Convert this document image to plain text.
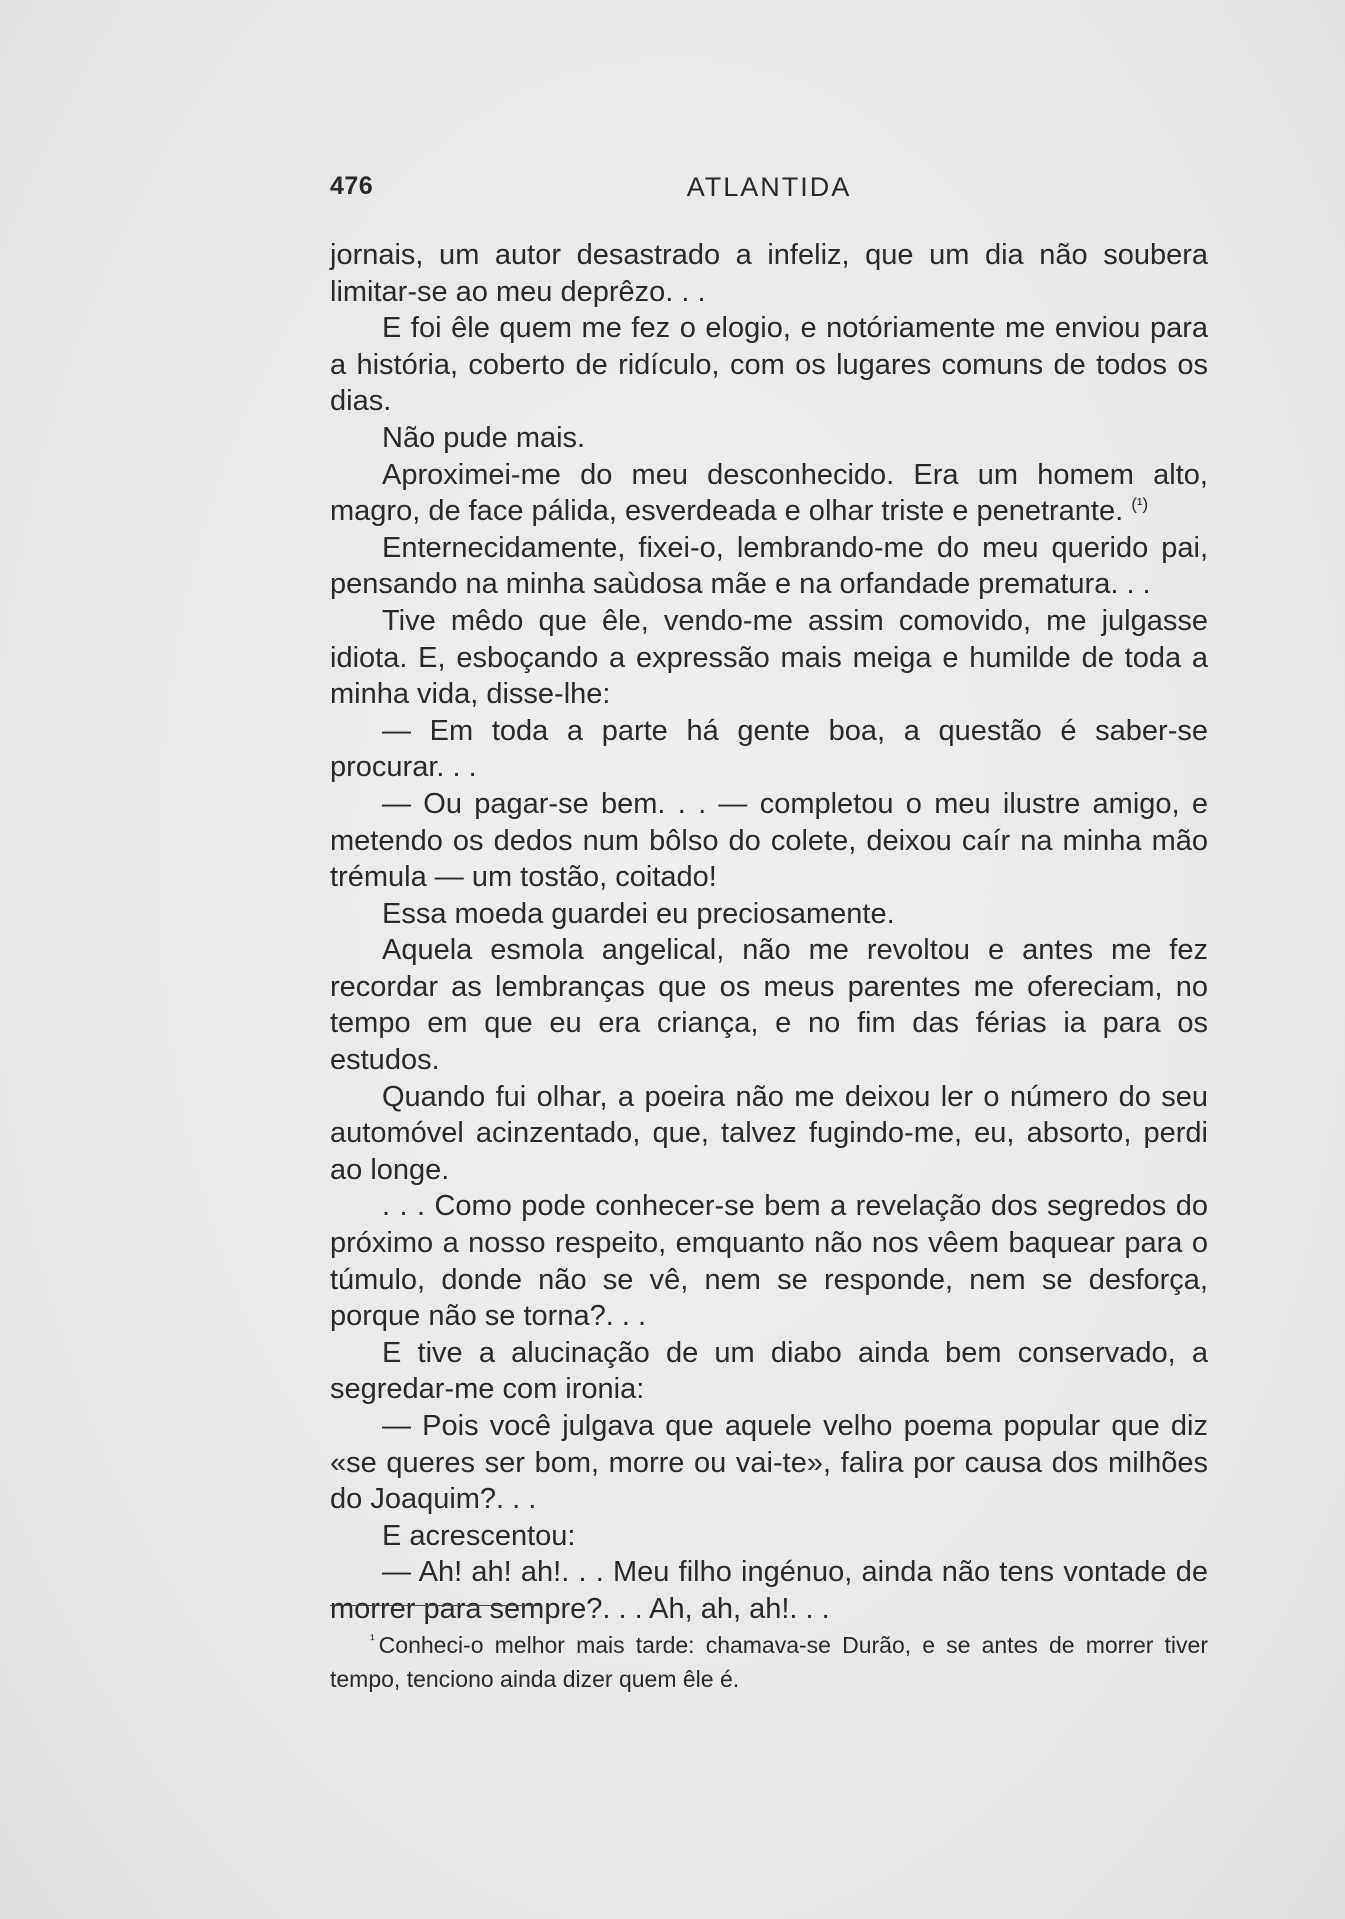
476	ATLANTIDA

jornais, um autor desastrado a infeliz, que um dia não soubera limitar-se ao meu deprêzo. . .

E foi êle quem me fez o elogio, e notóriamente me enviou para a história, coberto de ridículo, com os lugares comuns de todos os dias.

Não pude mais.

Aproximei-me do meu desconhecido. Era um homem alto, magro, de face pálida, esverdeada e olhar triste e penetrante. $^{(^1)}$

Enternecidamente, fixei-o, lembrando-me do meu querido pai, pensando na minha saùdosa mãe e na orfandade prematura. . .

Tive mêdo que êle, vendo-me assim comovido, me julgasse idiota. E, esboçando a expressão mais meiga e humilde de toda a minha vida, disse-lhe:

— Em toda a parte há gente boa, a questão é saber-se procurar. . .

— Ou pagar-se bem. . . — completou o meu ilustre amigo, e metendo os dedos num bôlso do colete, deixou caír na minha mão trémula — um tostão, coitado!

Essa moeda guardei eu preciosamente.

Aquela esmola angelical, não me revoltou e antes me fez recordar as lembranças que os meus parentes me ofereciam, no tempo em que eu era criança, e no fim das férias ia para os estudos.

Quando fui olhar, a poeira não me deixou ler o número do seu automóvel acinzentado, que, talvez fugindo-me, eu, absorto, perdi ao longe.

. . . Como pode conhecer-se bem a revelação dos segredos do próximo a nosso respeito, emquanto não nos vêem baquear para o túmulo, donde não se vê, nem se responde, nem se desforça, porque não se torna?. . .

E tive a alucinação de um diabo ainda bem conservado, a segredar-me com ironia:

— Pois você julgava que aquele velho poema popular que diz «se queres ser bom, morre ou vai-te», falira por causa dos milhões do Joaquim?. . .

E acrescentou:

— Ah! ah! ah!. . . Meu filho ingénuo, ainda não tens vontade de morrer para sempre?. . . Ah, ah, ah!. . .

$^{^1}$ Conheci-o melhor mais tarde: chamava-se Durão, e se antes de morrer tiver tempo, tenciono ainda dizer quem êle é.
